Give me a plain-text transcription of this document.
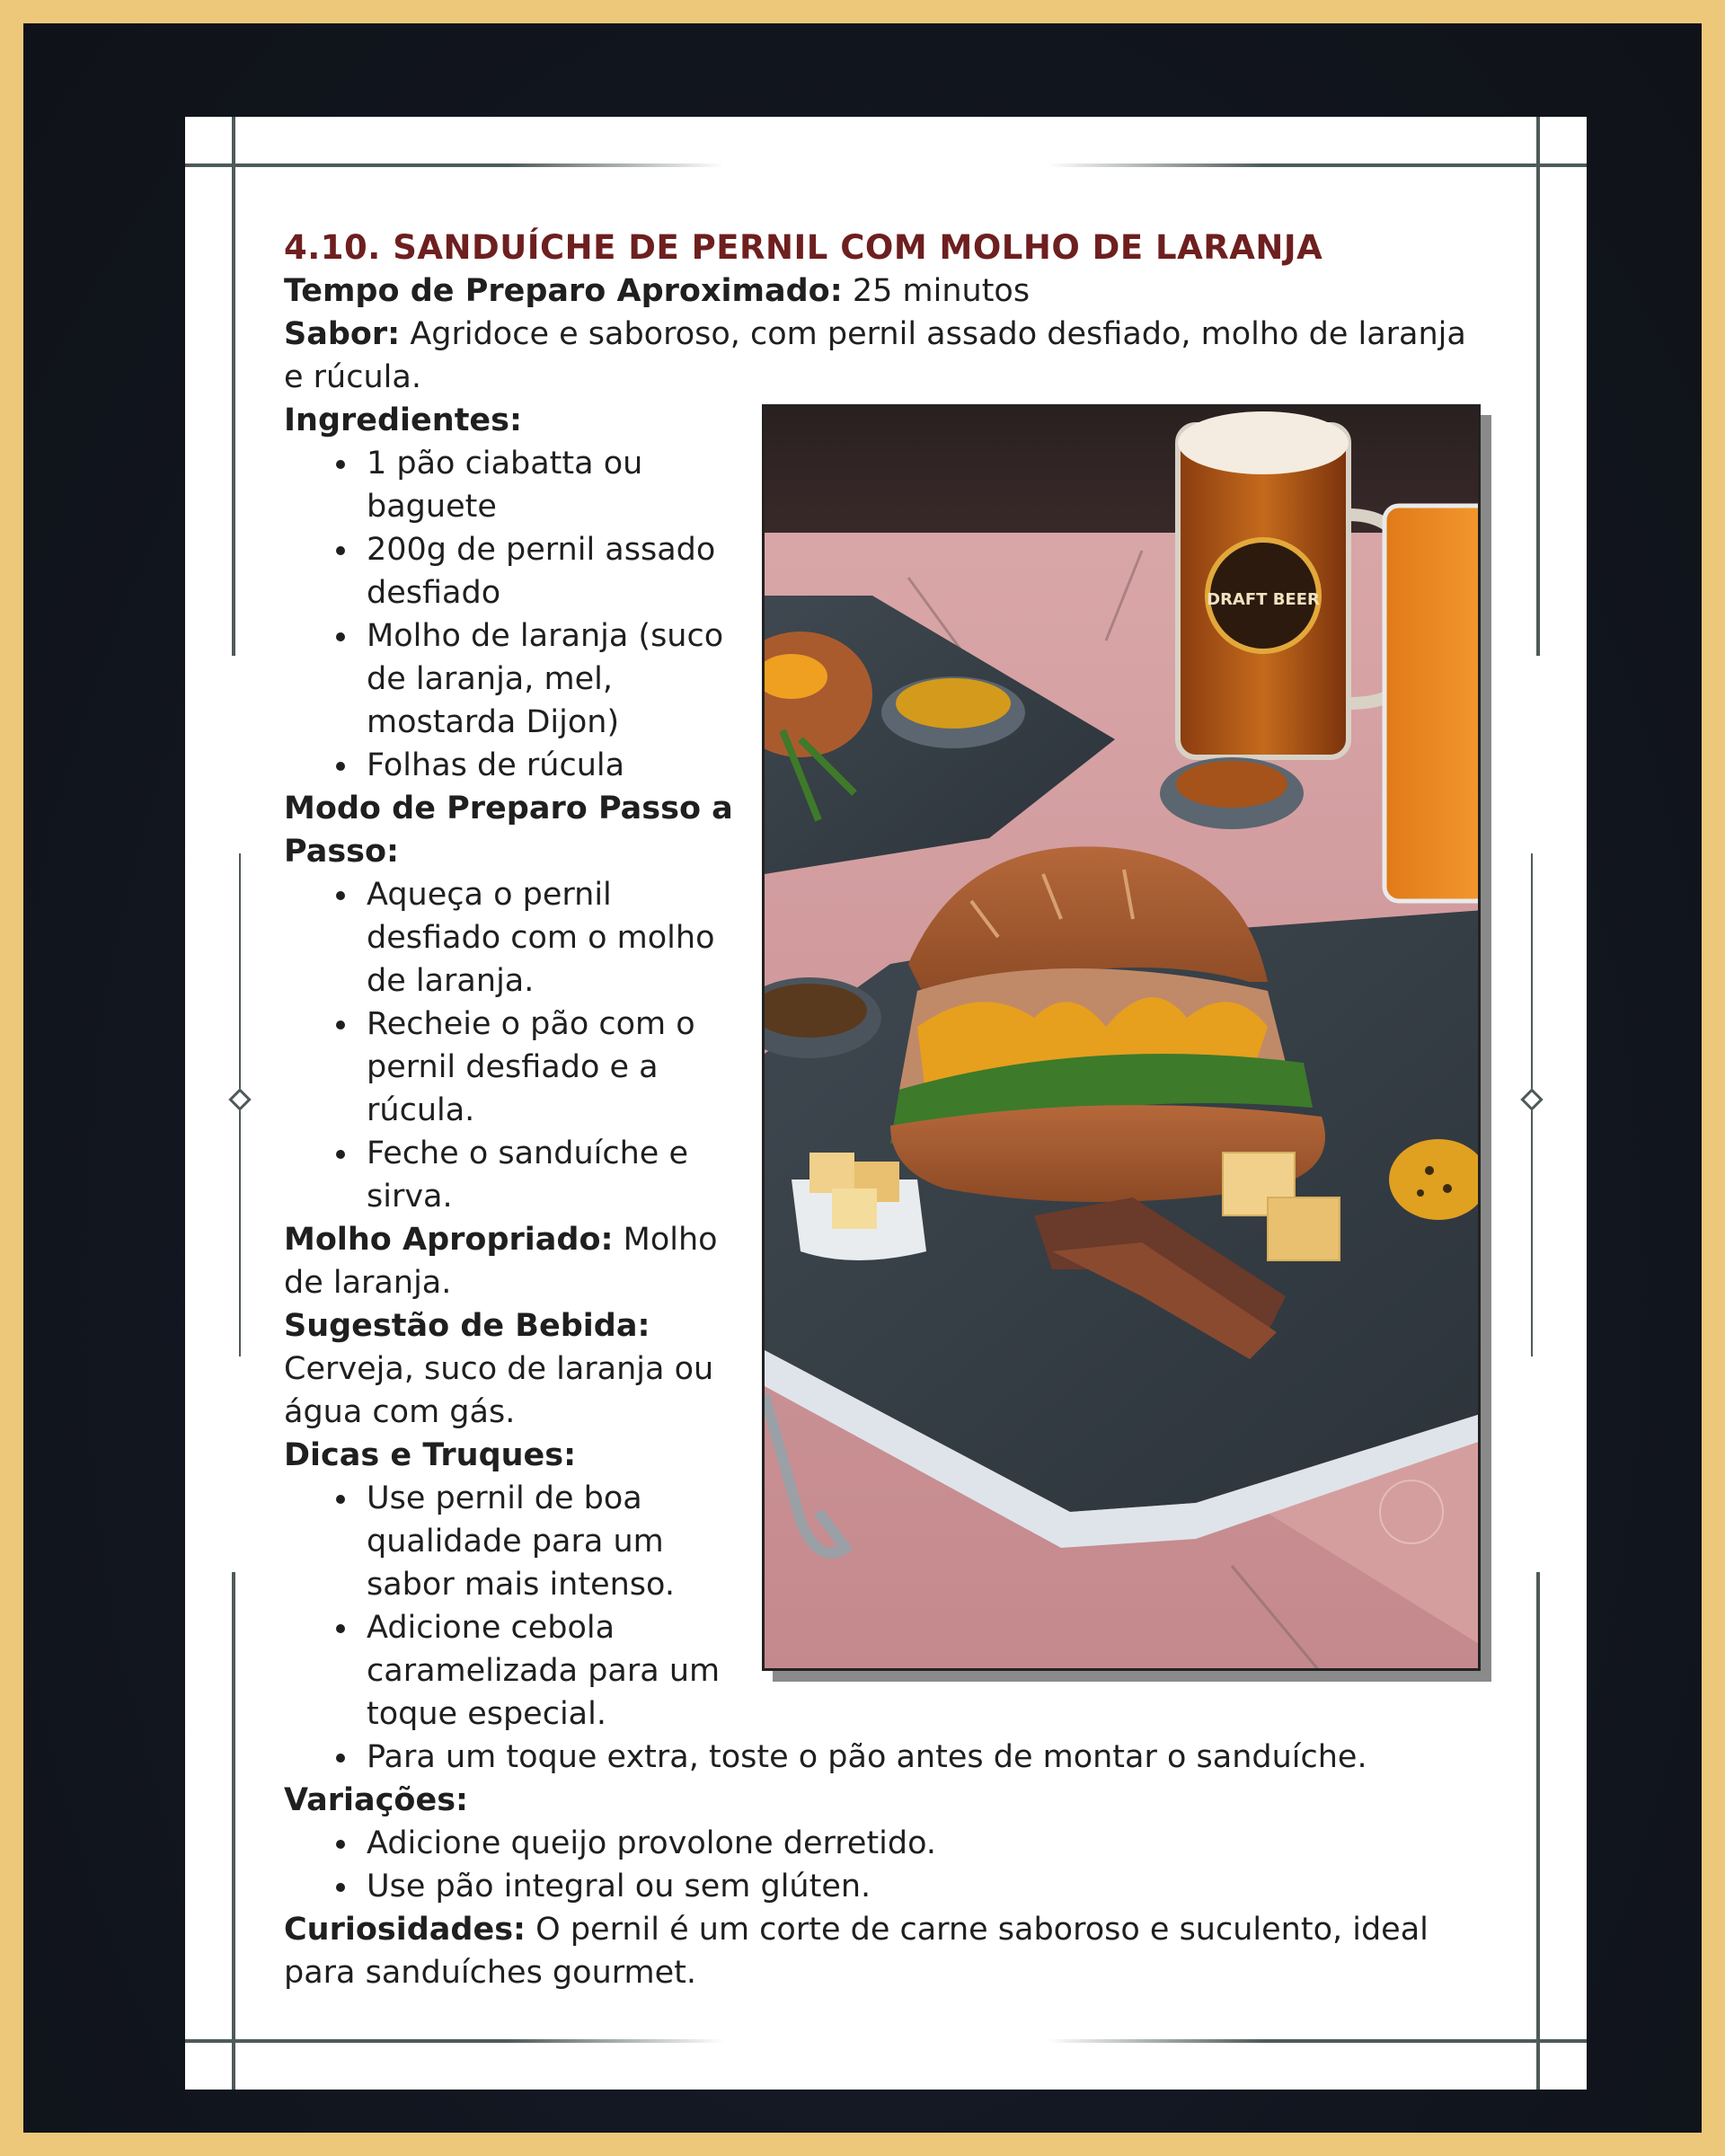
4.10. SANDUÍCHE DE PERNIL COM MOLHO DE LARANJA

Tempo de Preparo Aproximado: 25 minutos

Sabor: Agridoce e saboroso, com pernil assado desfiado, molho de laranja e rúcula.

DRAFT BEER

Ingredientes:

1 pão ciabatta ou baguete
200g de pernil assado desfiado
Molho de laranja (suco de laranja, mel, mostarda Dijon)
Folhas de rúcula

Modo de Preparo Passo a Passo:

Aqueça o pernil desfiado com o molho de laranja.
Recheie o pão com o pernil desfiado e a rúcula.
Feche o sanduíche e sirva.

Molho Apropriado: Molho de laranja.

Sugestão de Bebida:

Cerveja, suco de laranja ou água com gás.

Dicas e Truques:

Use pernil de boa qualidade para um sabor mais intenso.
Adicione cebola caramelizada para um toque especial.
Para um toque extra, toste o pão antes de montar o sanduíche.

Variações:

Adicione queijo provolone derretido.
Use pão integral ou sem glúten.

Curiosidades: O pernil é um corte de carne saboroso e suculento, ideal para sanduíches gourmet.
